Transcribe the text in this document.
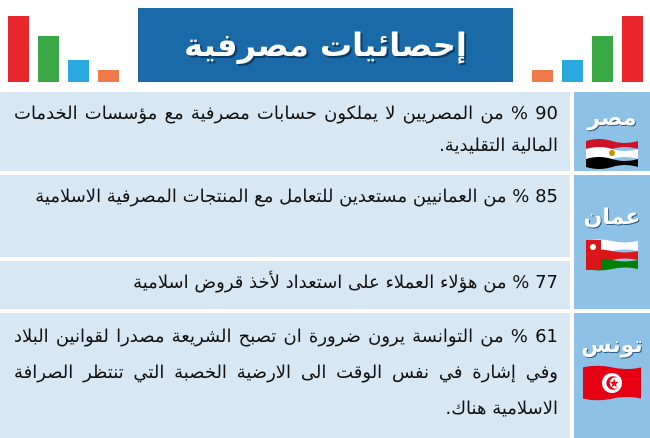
إحصائيات مصرفية

90 % من المصريين لا يملكون حسابات مصرفية مع مؤسسات الخدمات المالية التقليدية.

مصر

85 % من العمانيين مستعدين للتعامل مع المنتجات المصرفية الاسلامية

77 % من هؤلاء العملاء على استعداد لأخذ قروض اسلامية

عمان

61 % من التوانسة يرون ضرورة ان تصبح الشريعة مصدرا لقوانين البلاد وفي إشارة في نفس الوقت الى الارضية الخصبة التي تنتظر الصرافة الاسلامية هناك.

تونس
